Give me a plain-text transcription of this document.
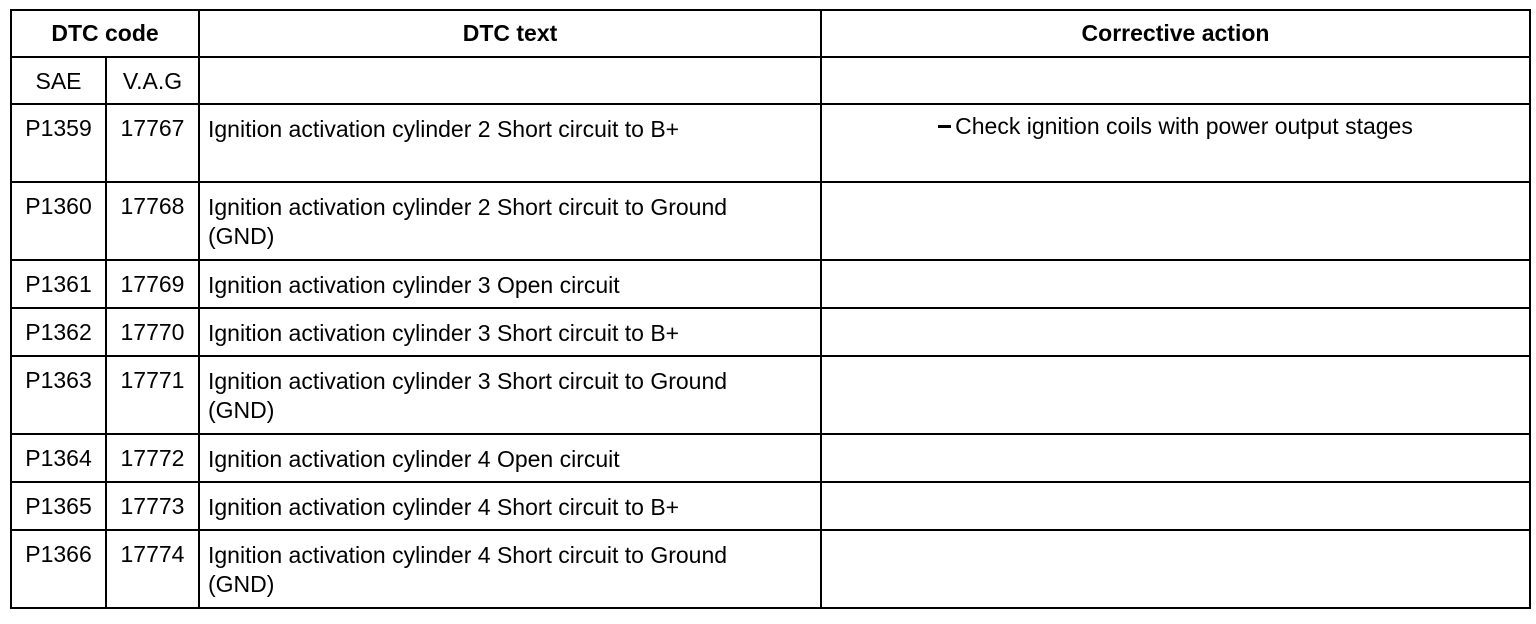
DTC code		DTC text	Corrective action

SAE	V.A.G		

P1359	17767	Ignition activation cylinder 2 Short circuit to B+	Check ignition coils with power output stages

P1360	17768	Ignition activation cylinder 2 Short circuit to Ground
(GND)	

P1361	17769	Ignition activation cylinder 3 Open circuit	

P1362	17770	Ignition activation cylinder 3 Short circuit to B+	

P1363	17771	Ignition activation cylinder 3 Short circuit to Ground
(GND)	

P1364	17772	Ignition activation cylinder 4 Open circuit	

P1365	17773	Ignition activation cylinder 4 Short circuit to B+	

P1366	17774	Ignition activation cylinder 4 Short circuit to Ground
(GND)	
